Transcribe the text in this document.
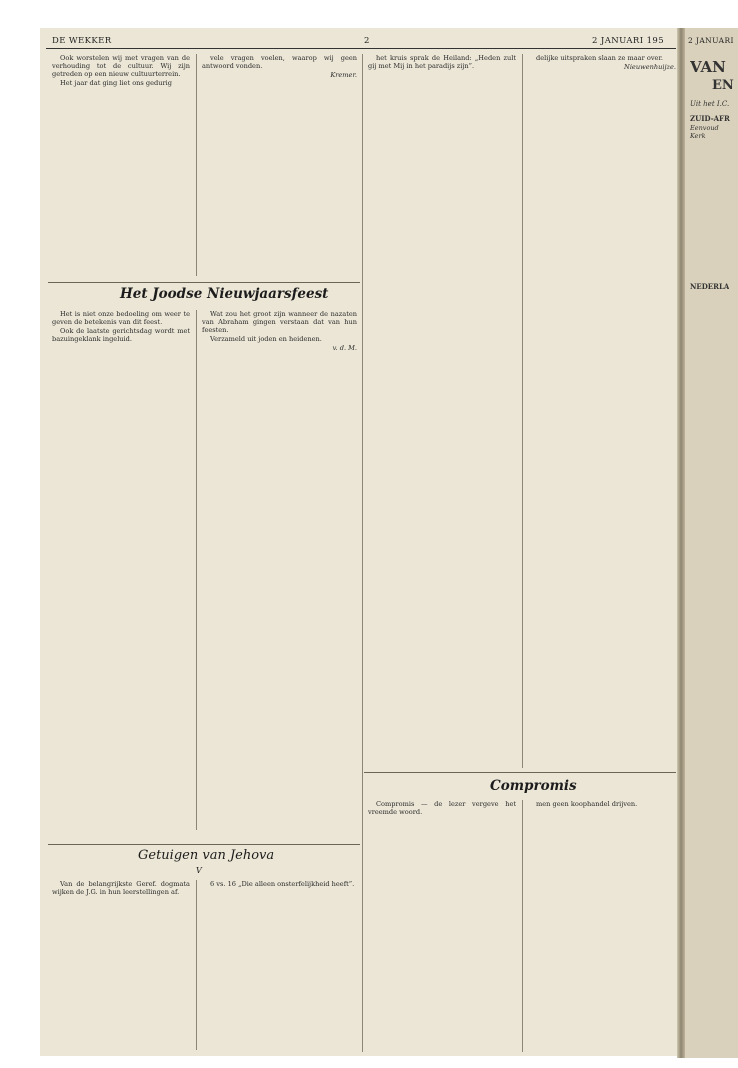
DE WEKKER	2	2 JANUARI 195	2 JANUARI

Ook worstelen wij met vragen van de verhouding tot de cultuur. Wij zijn getreden op een nieuw cultuurterrein.

Het jaar dat ging liet ons gedurig

vele vragen voelen, waarop wij geen antwoord vonden.

Kremer.

Het Joodse Nieuwjaarsfeest

Het is niet onze bedoeling om weer te geven de betekenis van dit feest.

Ook de laatste gerichtsdag wordt met bazuingeklank ingeluid.

Wat zou het groot zijn wanneer de nazaten van Abraham gingen verstaan dat van hun feesten.

Verzameld uit joden en heidenen.

v. d. M.

Getuigen van Jehova
V

Van de belangrijkste Geref. dogmata wijken de J.G. in hun leerstellingen af.

6 vs. 16 „Die alleen onsterfelijkheid heeft”.

het kruis sprak de Heiland: „Heden zult gij met Mij in het paradijs zijn”.

delijke uitspraken slaan ze maar over.

Nieuwenhuijze.

Compromis

Compromis — de lezer vergeve het vreemde woord.

men geen koophandel drijven.

VAN
EN
Uit het I.C.
ZUID-AFR
Eenvoud
Kerk
NEDERLA
